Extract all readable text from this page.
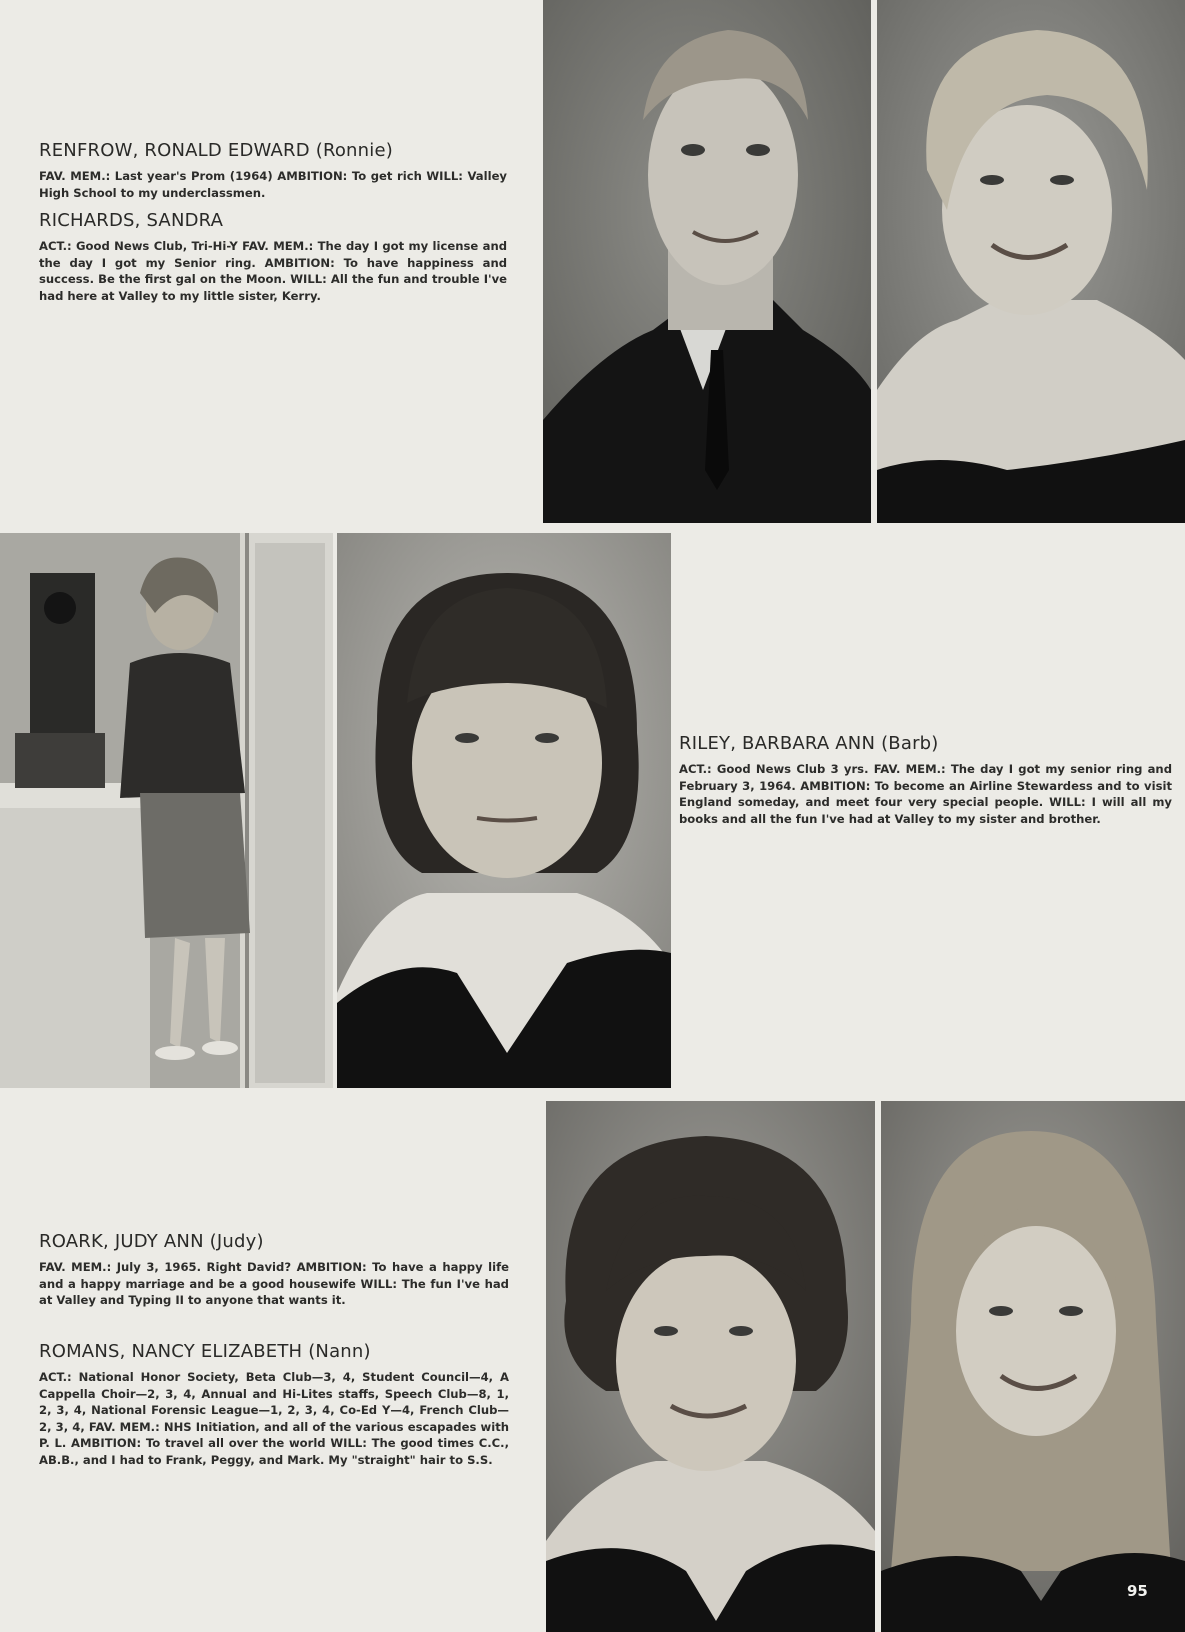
RENFROW, RONALD EDWARD (Ronnie)

FAV. MEM.: Last year's Prom (1964) AMBITION: To get rich WILL: Valley High School to my underclassmen.

RICHARDS, SANDRA

ACT.: Good News Club, Tri-Hi-Y FAV. MEM.: The day I got my license and the day I got my Senior ring. AMBITION: To have happiness and success. Be the first gal on the Moon. WILL: All the fun and trouble I've had here at Valley to my little sister, Kerry.

RILEY, BARBARA ANN (Barb)

ACT.: Good News Club 3 yrs. FAV. MEM.: The day I got my senior ring and February 3, 1964. AMBITION: To become an Airline Stewardess and to visit England someday, and meet four very special people. WILL: I will all my books and all the fun I've had at Valley to my sister and brother.

ROARK, JUDY ANN (Judy)

FAV. MEM.: July 3, 1965. Right David? AMBITION: To have a happy life and a happy marriage and be a good housewife WILL: The fun I've had at Valley and Typing II to anyone that wants it.

ROMANS, NANCY ELIZABETH (Nann)

ACT.: National Honor Society, Beta Club—3, 4, Student Council—4, A Cappella Choir—2, 3, 4, Annual and Hi-Lites staffs, Speech Club—8, 1, 2, 3, 4, National Forensic League—1, 2, 3, 4, Co-Ed Y—4, French Club—2, 3, 4, FAV. MEM.: NHS Initiation, and all of the various escapades with P. L. AMBITION: To travel all over the world WILL: The good times C.C., AB.B., and I had to Frank, Peggy, and Mark. My "straight" hair to S.S.

95
